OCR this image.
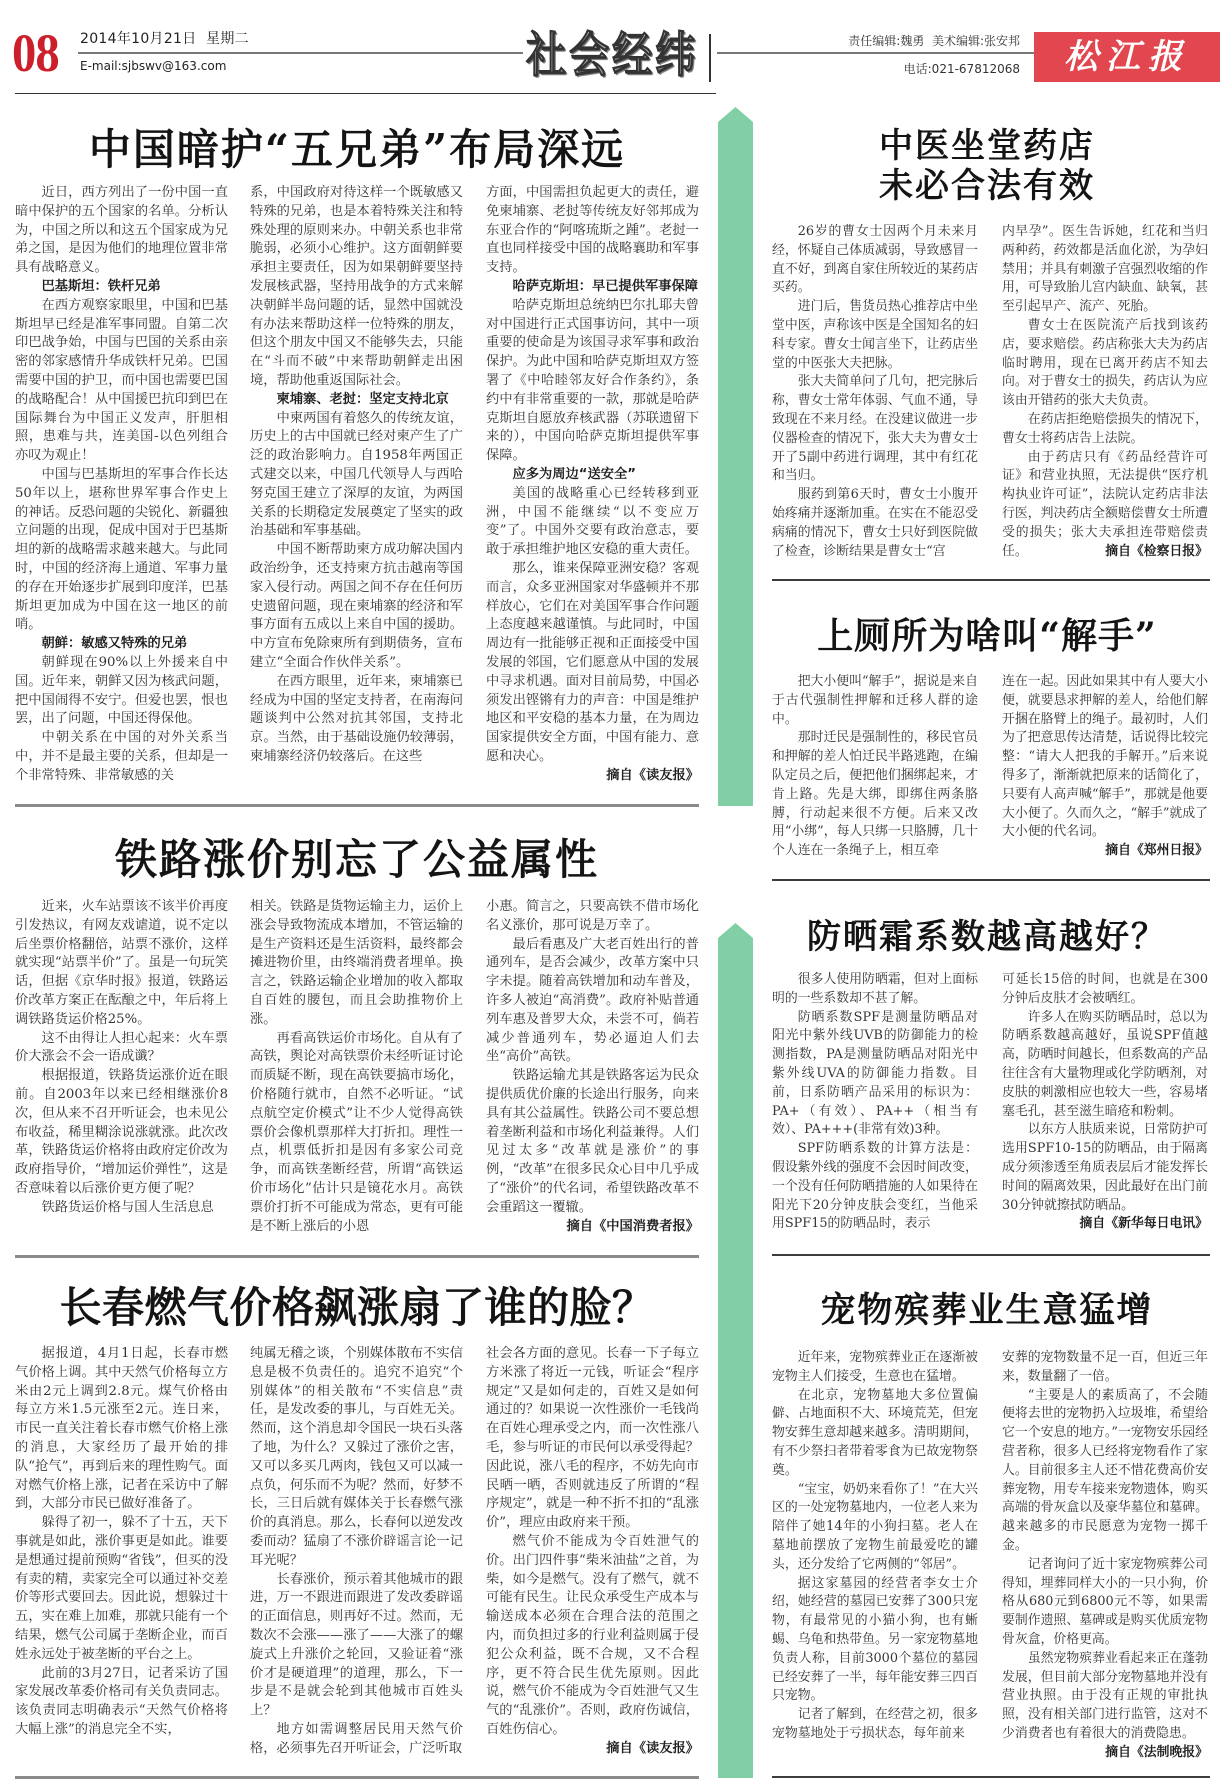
08 2014年10月21日  星期二
E-mail:sjbswv@163.com	社会经纬	责任编辑:魏勇  美术编辑:张安邦
电话:021-67812068	松江报
中国暗护“五兄弟”布局深远

近日，西方列出了一份中国一直暗中保护的五个国家的名单。分析认为，中国之所以和这五个国家成为兄弟之国，是因为他们的地理位置非常具有战略意义。

巴基斯坦：铁杆兄弟

在西方观察家眼里，中国和巴基斯坦早已经是准军事同盟。自第二次印巴战争始，中国与巴国的关系由亲密的邻家感情升华成铁杆兄弟。巴国需要中国的护卫，而中国也需要巴国的战略配合！从中国援巴抗印到巴在国际舞台为中国正义发声，肝胆相照，患难与共，连美国-以色列组合亦叹为观止！

中国与巴基斯坦的军事合作长达50年以上，堪称世界军事合作史上的神话。反恐问题的尖锐化、新疆独立问题的出现，促成中国对于巴基斯坦的新的战略需求越来越大。与此同时，中国的经济海上通道、军事力量的存在开始逐步扩展到印度洋，巴基斯坦更加成为中国在这一地区的前哨。

朝鲜：敏感又特殊的兄弟

朝鲜现在90%以上外援来自中国。近年来，朝鲜又因为核武问题，把中国闹得不安宁。但爱也罢，恨也罢，出了问题，中国还得保他。

中朝关系在中国的对外关系当中，并不是最主要的关系，但却是一个非常特殊、非常敏感的关

系，中国政府对待这样一个既敏感又特殊的兄弟，也是本着特殊关注和特殊处理的原则来办。中朝关系也非常脆弱，必须小心维护。这方面朝鲜要承担主要责任，因为如果朝鲜要坚持发展核武器，坚持用战争的方式来解决朝鲜半岛问题的话，显然中国就没有办法来帮助这样一位特殊的朋友，但这个朋友中国又不能够失去，只能在“斗而不破”中来帮助朝鲜走出困境，帮助他重返国际社会。

柬埔寨、老挝：坚定支持北京

中柬两国有着悠久的传统友谊，历史上的古中国就已经对柬产生了广泛的政治影响力。自1958年两国正式建交以来，中国几代领导人与西哈努克国王建立了深厚的友谊，为两国关系的长期稳定发展奠定了坚实的政治基础和军事基础。

中国不断帮助柬方成功解决国内政治纷争，还支持柬方抗击越南等国家入侵行动。两国之间不存在任何历史遗留问题，现在柬埔寨的经济和军事方面有五成以上来自中国的援助。中方宣布免除柬所有到期债务，宣布建立“全面合作伙伴关系”。

在西方眼里，近年来，柬埔寨已经成为中国的坚定支持者，在南海问题谈判中公然对抗其邻国，支持北京。当然，由于基础设施仍较薄弱，柬埔寨经济仍较落后。在这些

方面，中国需担负起更大的责任，避免柬埔寨、老挝等传统友好邻邦成为东亚合作的“阿喀琉斯之踵”。老挝一直也同样接受中国的战略襄助和军事支持。

哈萨克斯坦：早已提供军事保障

哈萨克斯坦总统纳巴尔扎耶夫曾对中国进行正式国事访问，其中一项重要的使命是为该国寻求军事和政治保护。为此中国和哈萨克斯坦双方签署了《中哈睦邻友好合作条约》，条约中有非常重要的一款，那就是哈萨克斯坦自愿放弃核武器（苏联遗留下来的），中国向哈萨克斯坦提供军事保障。

应多为周边“送安全”

美国的战略重心已经转移到亚洲，中国不能继续“以不变应万变”了。中国外交要有政治意志，要敢于承担维护地区安稳的重大责任。

那么，谁来保障亚洲安稳？客观而言，众多亚洲国家对华盛顿并不那样放心，它们在对美国军事合作问题上态度越来越谨慎。与此同时，中国周边有一批能够正视和正面接受中国发展的邻国，它们愿意从中国的发展中寻求机遇。面对目前局势，中国必须发出铿锵有力的声音：中国是维护地区和平安稳的基本力量，在为周边国家提供安全方面，中国有能力、意愿和决心。

摘自《读友报》

中医坐堂药店
未必合法有效

26岁的曹女士因两个月未来月经，怀疑自己体质减弱，导致感冒一直不好，到离自家住所较近的某药店买药。

进门后，售货员热心推荐店中坐堂中医，声称该中医是全国知名的妇科专家。曹女士闻言坐下，让药店坐堂的中医张大夫把脉。

张大夫简单问了几句，把完脉后称，曹女士常年体弱、气血不通，导致现在不来月经。在没建议做进一步仪器检查的情况下，张大夫为曹女士开了5副中药进行调理，其中有红花和当归。

服药到第6天时，曹女士小腹开始疼痛并逐渐加重。在实在不能忍受病痛的情况下，曹女士只好到医院做了检查，诊断结果是曹女士“宫

内早孕”。医生告诉她，红花和当归两种药，药效都是活血化淤，为孕妇禁用；并具有刺激子宫强烈收缩的作用，可导致胎儿宫内缺血、缺氧，甚至引起早产、流产、死胎。

曹女士在医院流产后找到该药店，要求赔偿。药店称张大夫为药店临时聘用，现在已离开药店不知去向。对于曹女士的损失，药店认为应该由开错药的张大夫负责。

在药店拒绝赔偿损失的情况下，曹女士将药店告上法院。

由于药店只有《药品经营许可证》和营业执照，无法提供“医疗机构执业许可证”，法院认定药店非法行医，判决药店全额赔偿曹女士所遭受的损失；张大夫承担连带赔偿责任。	摘自《检察日报》

上厕所为啥叫“解手”

把大小便叫“解手”，据说是来自于古代强制性押解和迁移人群的途中。

那时迁民是强制性的，移民官员和押解的差人怕迁民半路逃跑，在编队定员之后，便把他们捆绑起来，才肯上路。先是大绑，即绑住两条胳膊，行动起来很不方便。后来又改用“小绑”，每人只绑一只胳膊，几十个人连在一条绳子上，相互牵

连在一起。因此如果其中有人要大小便，就要恳求押解的差人，给他们解开捆在胳臂上的绳子。最初时，人们为了把意思传达清楚，话说得比较完整：“请大人把我的手解开。”后来说得多了，渐渐就把原来的话简化了，只要有人高声喊“解手”，那就是他要大小便了。久而久之，“解手”就成了大小便的代名词。

摘自《郑州日报》

铁路涨价别忘了公益属性

近来，火车站票该不该半价再度引发热议，有网友戏谑道，说不定以后坐票价格翻倍，站票不涨价，这样就实现“站票半价”了。虽是一句玩笑话，但据《京华时报》报道，铁路运价改革方案正在酝酿之中，年后将上调铁路货运价格25%。

这不由得让人担心起来：火车票价大涨会不会一语成谶？

根据报道，铁路货运涨价近在眼前。自2003年以来已经相继涨价8次，但从来不召开听证会，也未见公布收益，稀里糊涂说涨就涨。此次改革，铁路货运价格将由政府定价改为政府指导价，“增加运价弹性”，这是否意味着以后涨价更方便了呢？

铁路货运价格与国人生活息息

相关。铁路是货物运输主力，运价上涨会导致物流成本增加，不管运输的是生产资料还是生活资料，最终都会摊进物价里，由终端消费者埋单。换言之，铁路运输企业增加的收入都取自百姓的腰包，而且会助推物价上涨。

再看高铁运价市场化。自从有了高铁，舆论对高铁票价未经听证讨论而质疑不断，现在高铁要搞市场化，价格随行就市，自然不必听证。“试点航空定价模式”让不少人觉得高铁票价会像机票那样大打折扣。理性一点，机票低折扣是因有多家公司竞争，而高铁垄断经营，所谓“高铁运价市场化”估计只是镜花水月。高铁票价打折不可能成为常态，更有可能是不断上涨后的小恩

小惠。简言之，只要高铁不借市场化名义涨价，那可说是万幸了。

最后看惠及广大老百姓出行的普通列车，是否会减少，改革方案中只字未提。随着高铁增加和动车普及，许多人被迫“高消费”。政府补贴普通列车惠及普罗大众，未尝不可，倘若减少普通列车，势必逼迫人们去坐“高价”高铁。

铁路运输尤其是铁路客运为民众提供质优价廉的长途出行服务，向来具有其公益属性。铁路公司不要总想着垄断利益和市场化利益兼得。人们见过太多“改革就是涨价”的事例，“改革”在很多民众心目中几乎成了“涨价”的代名词，希望铁路改革不会重蹈这一覆辙。

摘自《中国消费者报》

防晒霜系数越高越好？

很多人使用防晒霜，但对上面标明的一些系数却不甚了解。

防晒系数SPF是测量防晒品对阳光中紫外线UVB的防御能力的检测指数，PA是测量防晒品对阳光中紫外线UVA的防御能力指数。目前，日系防晒产品采用的标识为：PA+（有效）、PA++（相当有效）、PA+++(非常有效)3种。

SPF防晒系数的计算方法是：假设紫外线的强度不会因时间改变，一个没有任何防晒措施的人如果待在阳光下20分钟皮肤会变红，当他采用SPF15的防晒品时，表示

可延长15倍的时间，也就是在300分钟后皮肤才会被晒红。

许多人在购买防晒品时，总以为防晒系数越高越好，虽说SPF值越高，防晒时间越长，但系数高的产品往往含有大量物理或化学防晒剂，对皮肤的刺激相应也较大一些，容易堵塞毛孔，甚至滋生暗疮和粉刺。

以东方人肤质来说，日常防护可选用SPF10-15的防晒品，由于隔离成分须渗透至角质表层后才能发挥长时间的隔离效果，因此最好在出门前30分钟就擦拭防晒品。

摘自《新华每日电讯》

长春燃气价格飙涨扇了谁的脸？

据报道，4月1日起，长春市燃气价格上调。其中天然气价格每立方米由2元上调到2.8元。煤气价格由每立方米1.5元涨至2元。连日来，市民一直关注着长春市燃气价格上涨的消息，大家经历了最开始的排队“抢气”，再到后来的理性购气。面对燃气价格上涨，记者在采访中了解到，大部分市民已做好准备了。

躲得了初一，躲不了十五，天下事就是如此，涨价事更是如此。谁要是想通过提前预购“省钱”，但买的没有卖的精，卖家完全可以通过补交差价等形式要回去。因此说，想躲过十五，实在难上加难，那就只能有一个结果，燃气公司属于垄断企业，而百姓永远处于被垄断的平台之上。

此前的3月27日，记者采访了国家发展改革委价格司有关负责同志。该负责同志明确表示“天然气价格将大幅上涨”的消息完全不实，

纯属无稽之谈，个别媒体散布不实信息是极不负责任的。追究不追究“个别媒体”的相关散布“不实信息”责任，是发改委的事儿，与百姓无关。然而，这个消息却令国民一块石头落了地，为什么？又躲过了涨价之害，又可以多买几两肉，钱包又可以减一点负，何乐而不为呢？然而，好梦不长，三日后就有媒体关于长春燃气涨价的真消息。那么，长春何以逆发改委而动？猛扇了不涨价辟谣言论一记耳光呢？

长春涨价，预示着其他城市的跟进，万一不跟进而跟进了发改委辟谣的正面信息，则再好不过。然而，无数次不会涨——涨了——大涨了的螺旋式上升涨价之轮回，又验证着“涨价才是硬道理”的道理，那么，下一步是不是就会轮到其他城市百姓头上？

地方如需调整居民用天然气价格，必须事先召开听证会，广泛听取

社会各方面的意见。长春一下子每立方米涨了将近一元钱，听证会“程序规定”又是如何走的，百姓又是如何通过的？如果说一次性涨价一毛钱尚在百姓心理承受之内，而一次性涨八毛，参与听证的市民何以承受得起？因此说，涨八毛的程序，不妨先向市民晒一晒，否则就违反了所谓的“程序规定”，就是一种不折不扣的“乱涨价”，理应由政府来干预。

燃气价不能成为令百姓泄气的价。出门四件事“柴米油盐”之首，为柴，如今是燃气。没有了燃气，就不可能有民生。让民众承受生产成本与输送成本必须在合理合法的范围之内，而负担过多的行业利益则属于侵犯公众利益，既不合规，又不合程序，更不符合民生优先原则。因此说，燃气价不能成为令百姓泄气又生气的“乱涨价”。否则，政府伤诚信，百姓伤信心。

摘自《读友报》

宠物殡葬业生意猛增

近年来，宠物殡葬业正在逐渐被宠物主人们接受，生意也在猛增。

在北京，宠物墓地大多位置偏僻、占地面积不大、环境荒芜，但宠物安葬生意却越来越多。清明期间，有不少祭扫者带着零食为已故宠物祭奠。

“宝宝，奶奶来看你了！”在大兴区的一处宠物墓地内，一位老人来为陪伴了她14年的小狗扫墓。老人在墓地前摆放了宠物生前最爱吃的罐头，还分发给了它两侧的“邻居”。

据这家墓园的经营者李女士介绍，她经营的墓园已安葬了300只宠物，有最常见的小猫小狗，也有蜥蜴、乌龟和热带鱼。另一家宠物墓地负责人称，目前3000个墓位的墓园已经安葬了一半，每年能安葬三四百只宠物。

记者了解到，在经营之初，很多宠物墓地处于亏损状态，每年前来

安葬的宠物数量不足一百，但近三年来，数量翻了一倍。

“主要是人的素质高了，不会随便将去世的宠物扔入垃圾堆，希望给它一个安息的地方。”一宠物安乐园经营者称，很多人已经将宠物看作了家人。目前很多主人还不惜花费高价安葬宠物，用专车接来宠物遗体，购买高端的骨灰盒以及豪华墓位和墓碑。越来越多的市民愿意为宠物一掷千金。

记者询问了近十家宠物殡葬公司得知，埋葬同样大小的一只小狗，价格从680元到6800元不等，如果需要制作遗照、墓碑或是购买优质宠物骨灰盒，价格更高。

虽然宠物殡葬业看起来正在蓬勃发展，但目前大部分宠物墓地并没有营业执照。由于没有正规的审批执照，没有相关部门进行监管，这对不少消费者也有着很大的消费隐患。

摘自《法制晚报》
